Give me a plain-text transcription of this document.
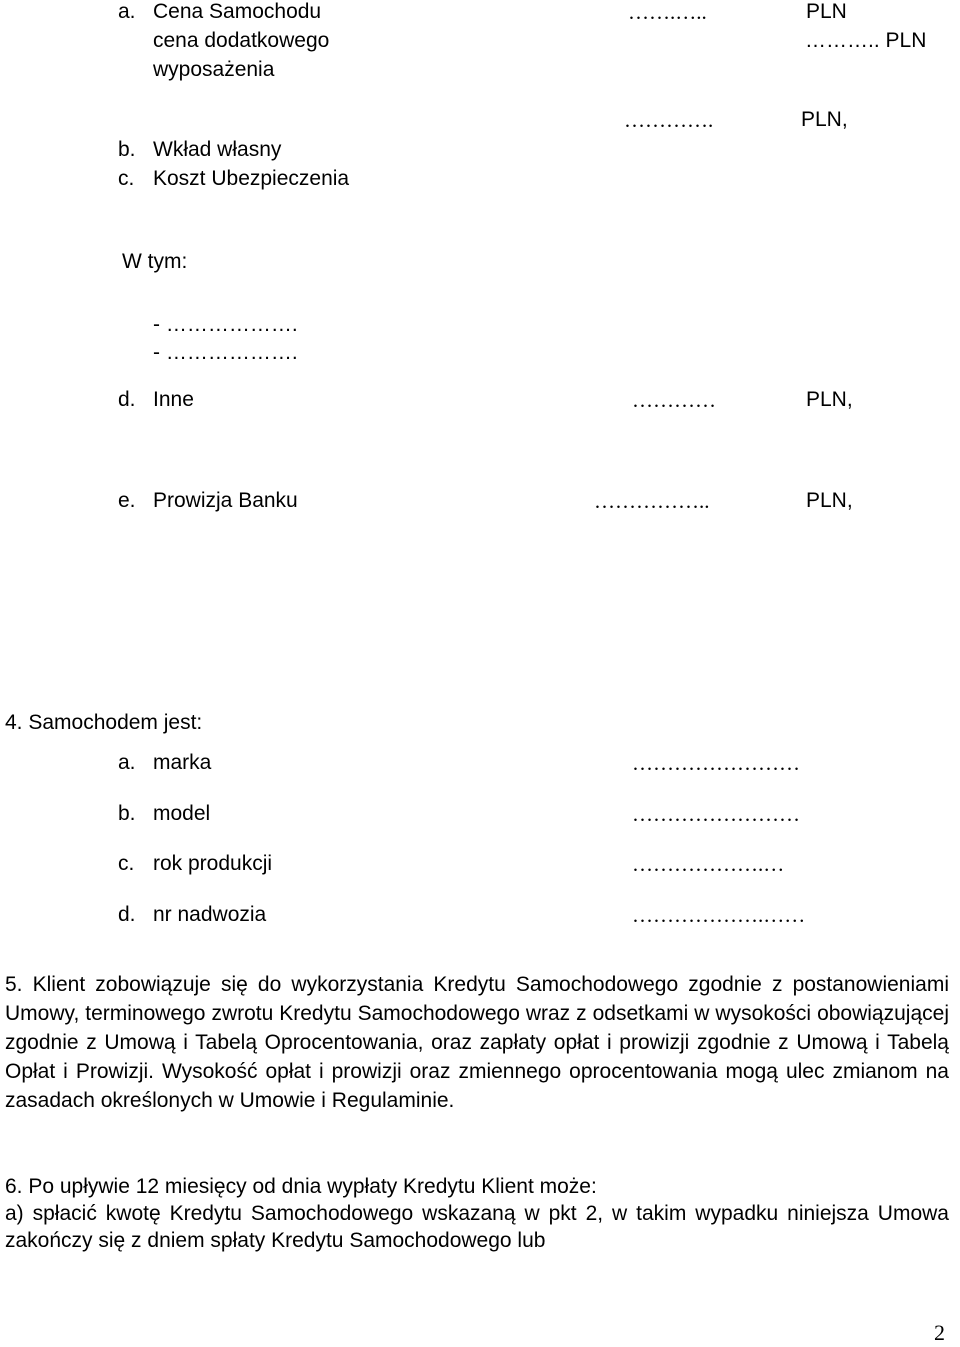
a. Cena Samochodu	…….…..	PLN
cena dodatkowego	……….. PLN
wyposażenia
………….	PLN,
b. Wkład własny
c. Koszt Ubezpieczenia
W tym:
- ……………….
- ……………….
d. Inne	…………	PLN,
e. Prowizja Banku	……………..	PLN,
4. Samochodem jest:
a. marka	……………………
b. model	……………………
c. rok produkcji	……………….…
d. nr nadwozia	……………….……
5. Klient zobowiązuje się do wykorzystania Kredytu Samochodowego zgodnie z postanowieniami Umowy, terminowego zwrotu Kredytu Samochodowego wraz z odsetkami w wysokości obowiązującej zgodnie z Umową i Tabelą Oprocentowania, oraz zapłaty opłat i prowizji zgodnie z Umową i Tabelą Opłat i Prowizji. Wysokość opłat i prowizji oraz zmiennego oprocentowania mogą ulec zmianom na zasadach określonych w Umowie i Regulaminie.
6. Po upływie 12 miesięcy od dnia wypłaty Kredytu Klient może:
a) spłacić kwotę Kredytu Samochodowego wskazaną w pkt 2, w takim wypadku niniejsza Umowa zakończy się z dniem spłaty Kredytu Samochodowego lub
2
